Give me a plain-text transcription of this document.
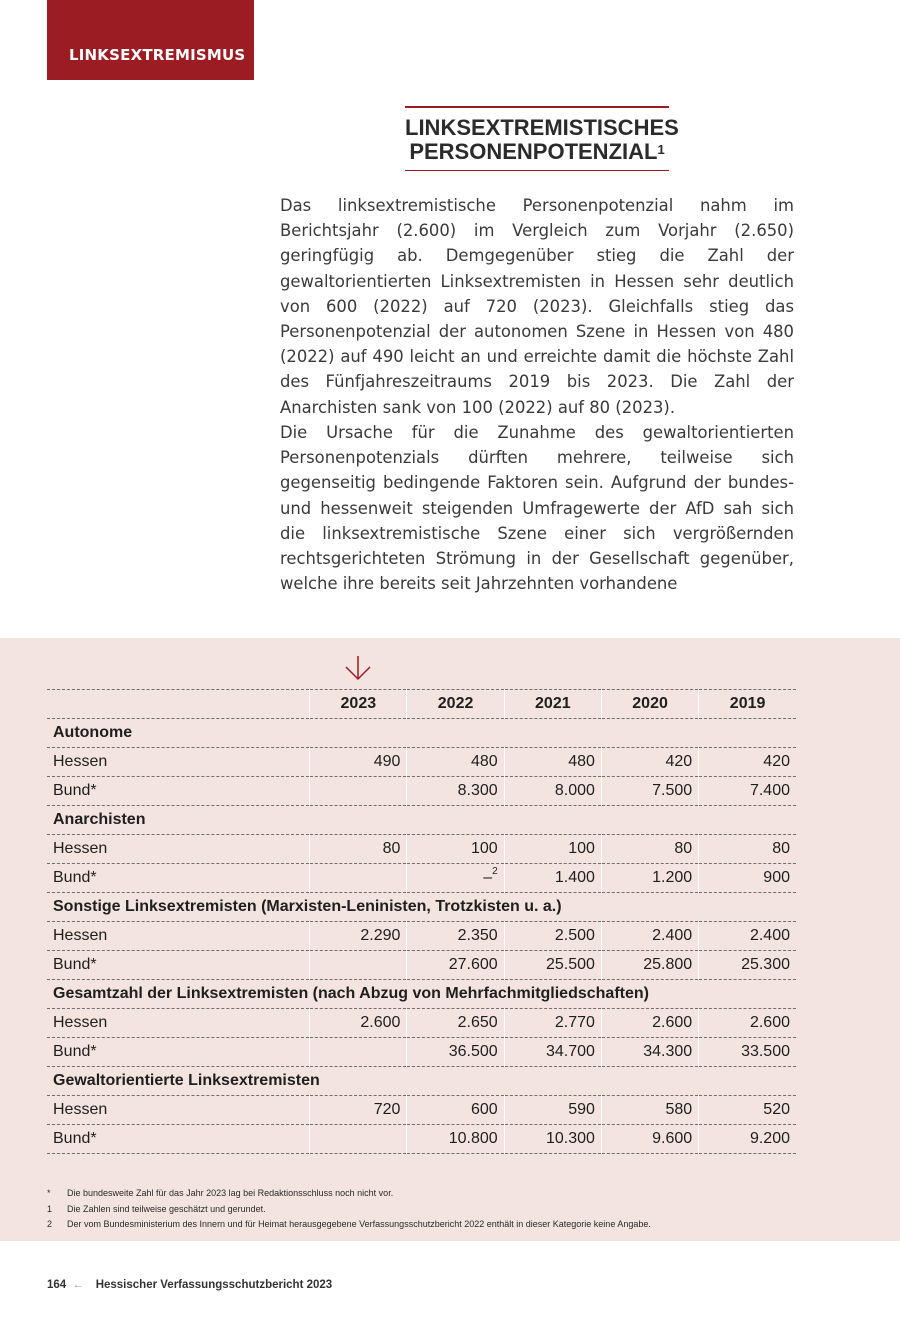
LINKSEXTREMISMUS
LINKSEXTREMISTISCHES
PERSONENPOTENZIAL$^1$

Das linksextremistische Personenpotenzial nahm im Berichtsjahr (2.600) im Vergleich zum Vorjahr (2.650) geringfügig ab. Demgegenüber stieg die Zahl der gewaltorientierten Linksextremisten in Hessen sehr deutlich von 600 (2022) auf 720 (2023). Gleichfalls stieg das Personenpotenzial der autonomen Szene in Hessen von 480 (2022) auf 490 leicht an und erreichte damit die höchste Zahl des Fünfjahreszeitraums 2019 bis 2023. Die Zahl der Anarchisten sank von 100 (2022) auf 80 (2023).

Die Ursache für die Zunahme des gewaltorientierten Personenpotenzials dürften mehrere, teilweise sich gegenseitig bedingende Faktoren sein. Aufgrund der bundes- und hessenweit steigenden Umfragewerte der AfD sah sich die linksextremistische Szene einer sich vergrößernden rechtsgerichteten Strömung in der Gesellschaft gegenüber, welche ihre bereits seit Jahrzehnten vorhandene

	2023	2022	2021	2020	2019
Autonome					
Hessen	490	480	480	420	420
Bund*		8.300	8.000	7.500	7.400
Anarchisten					
Hessen	80	100	100	80	80
Bund*		–$^2$	1.400	1.200	900
Sonstige Linksextremisten (Marxisten-Leninisten, Trotzkisten u. a.)					
Hessen	2.290	2.350	2.500	2.400	2.400
Bund*		27.600	25.500	25.800	25.300
Gesamtzahl der Linksextremisten (nach Abzug von Mehrfachmitgliedschaften)					
Hessen	2.600	2.650	2.770	2.600	2.600
Bund*		36.500	34.700	34.300	33.500
Gewaltorientierte Linksextremisten					
Hessen	720	600	590	580	520
Bund*		10.800	10.300	9.600	9.200
*	Die bundesweite Zahl für das Jahr 2023 lag bei Redaktionsschluss noch nicht vor.
1	Die Zahlen sind teilweise geschätzt und gerundet.
2	Der vom Bundesministerium des Innern und für Heimat herausgegebene Verfassungsschutzbericht 2022 enthält in dieser Kategorie keine Angabe.
164 ← Hessischer Verfassungsschutzbericht 2023
